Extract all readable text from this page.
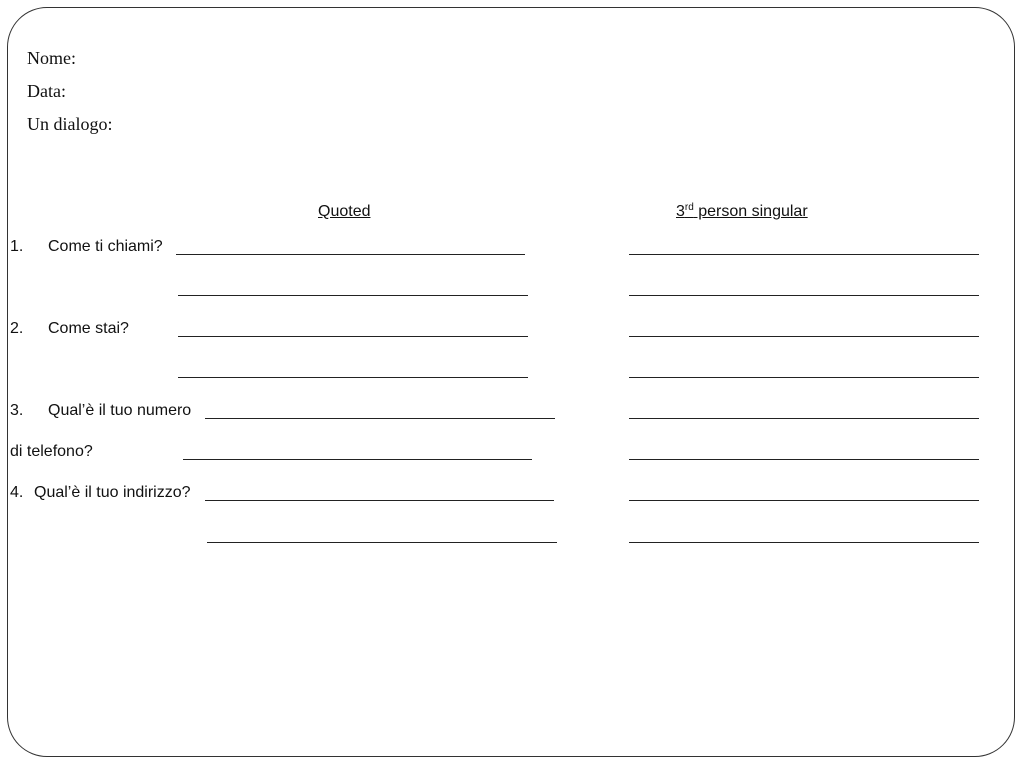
Nome:
Data:
Un dialogo:
Quoted	3rd person singular
1. Come ti chiami?
2. Come stai?
3. Qual’è il tuo numero
di telefono?
4. Qual’è il tuo indirizzo?
